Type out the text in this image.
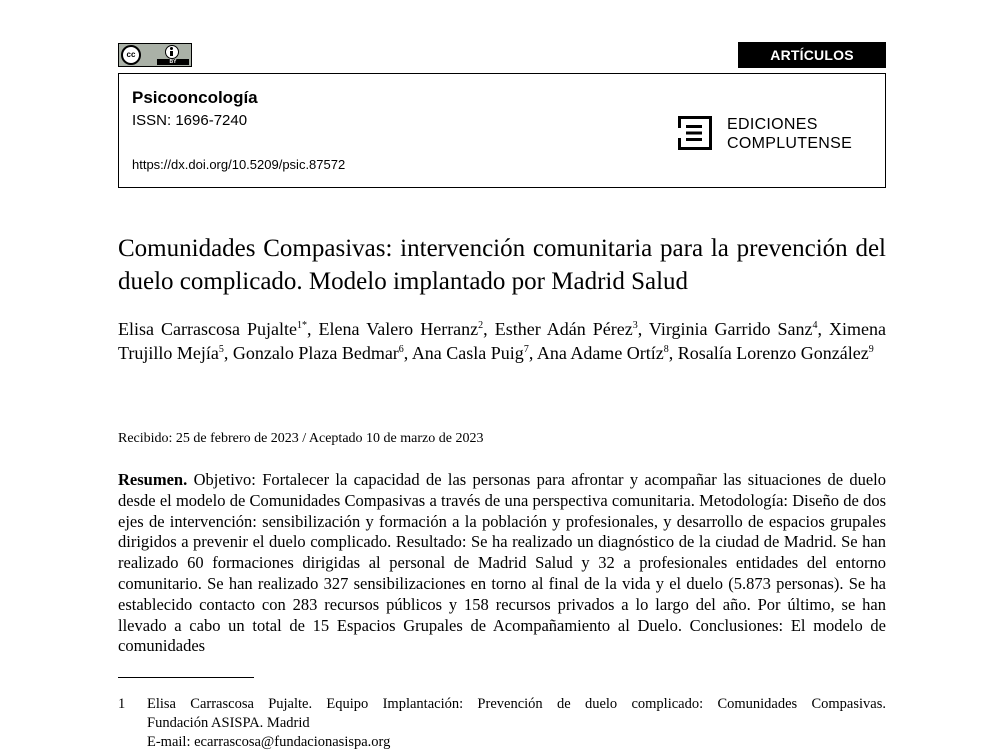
cc
BY	ARTÍCULOS
Psicooncología
ISSN: 1696-7240
https://dx.doi.org/10.5209/psic.87572
EDICIONES
COMPLUTENSE
Comunidades Compasivas: intervención comunitaria para la prevención del duelo complicado. Modelo implantado por Madrid Salud
Elisa Carrascosa Pujalte$^{1*}$, Elena Valero Herranz$^2$, Esther Adán Pérez$^3$, Virginia Garrido Sanz$^4$, Ximena Trujillo Mejía$^5$, Gonzalo Plaza Bedmar$^6$, Ana Casla Puig$^7$, Ana Adame Ortíz$^8$, Rosalía Lorenzo González$^9$
Recibido: 25 de febrero de 2023 / Aceptado 10 de marzo de 2023
Resumen. Objetivo: Fortalecer la capacidad de las personas para afrontar y acompañar las situaciones de duelo desde el modelo de Comunidades Compasivas a través de una perspectiva comunitaria. Metodología: Diseño de dos ejes de intervención: sensibilización y formación a la población y profesionales, y desarrollo de espacios grupales dirigidos a prevenir el duelo complicado. Resultado: Se ha realizado un diagnóstico de la ciudad de Madrid. Se han realizado 60 formaciones dirigidas al personal de Madrid Salud y 32 a profesionales entidades del entorno comunitario. Se han realizado 327 sensibilizaciones en torno al final de la vida y el duelo (5.873 personas). Se ha establecido contacto con 283 recursos públicos y 158 recursos privados a lo largo del año. Por último, se han llevado a cabo un total de 15 Espacios Grupales de Acompañamiento al Duelo. Conclusiones: El modelo de comunidades
1 Elisa Carrascosa Pujalte. Equipo Implantación: Prevención de duelo complicado: Comunidades Compasivas.
Fundación ASISPA. Madrid
E-mail: ecarrascosa@fundacionasispa.org
